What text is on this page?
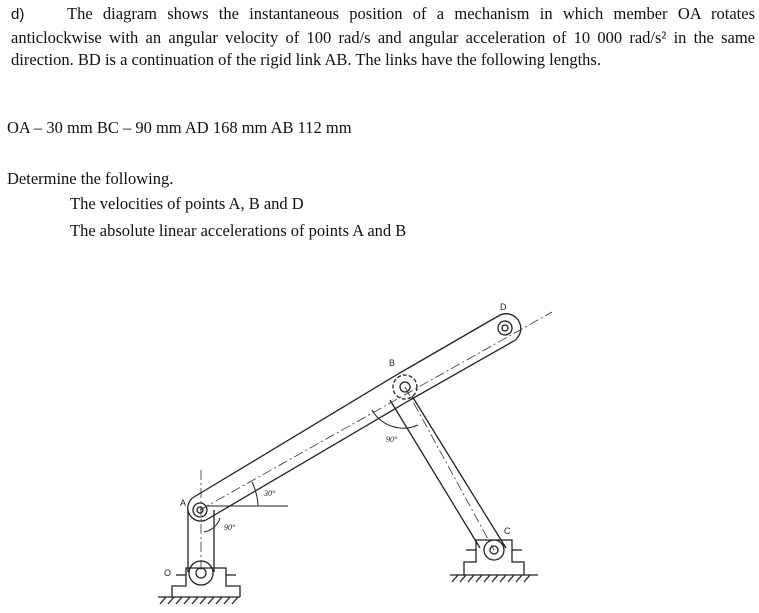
d)	The diagram shows the instantaneous position of a mechanism in which member OA rotates anticlockwise with an angular velocity of 100 rad/s and angular acceleration of 10 000 rad/s² in the same direction. BD is a continuation of the rigid link AB. The links have the following lengths.
OA – 30 mm BC – 90 mm AD 168 mm AB 112 mm
Determine the following.
The velocities of points A, B and D
The absolute linear accelerations of points A and B
O
A
B
C
D
30°
90°
90°
